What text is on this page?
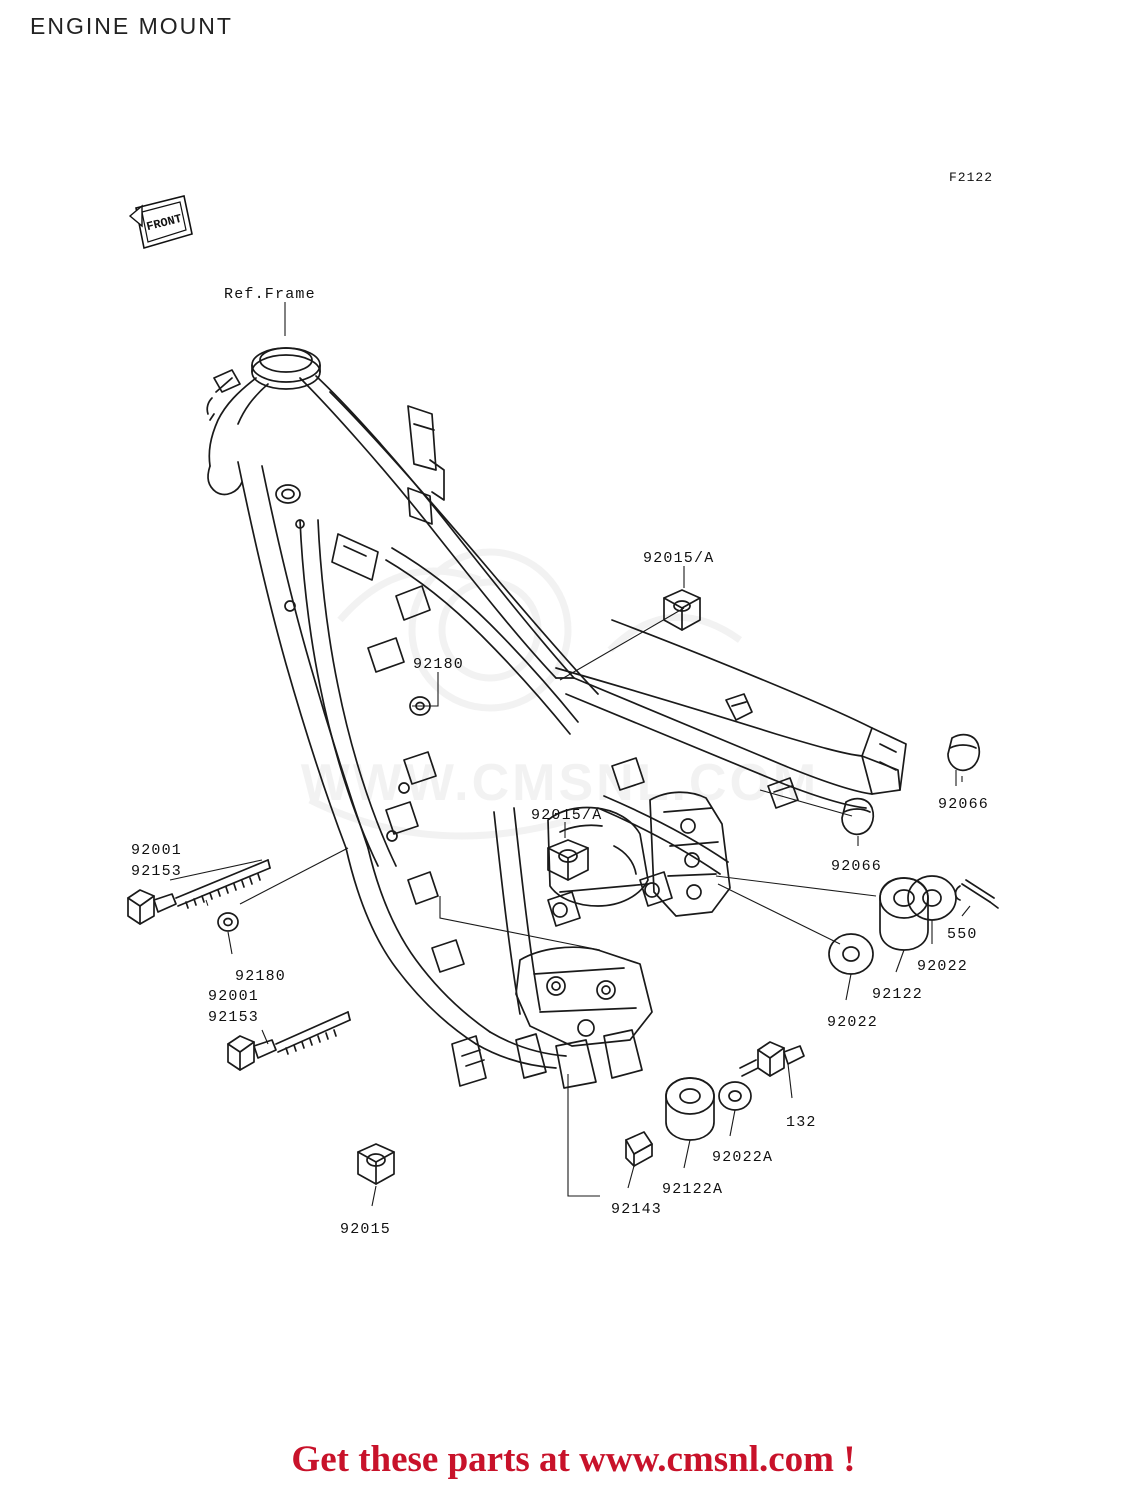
ENGINE MOUNT
F2122
FRONT
Ref.Frame
WWW.CMSNL.COM
92015/A
92180
92066
92015/A
92066
92001
92153
550
92022
92180
92122
92001
92153	92022
132
92022A
92122A
92143
92015
Get these parts at www.cmsnl.com !
